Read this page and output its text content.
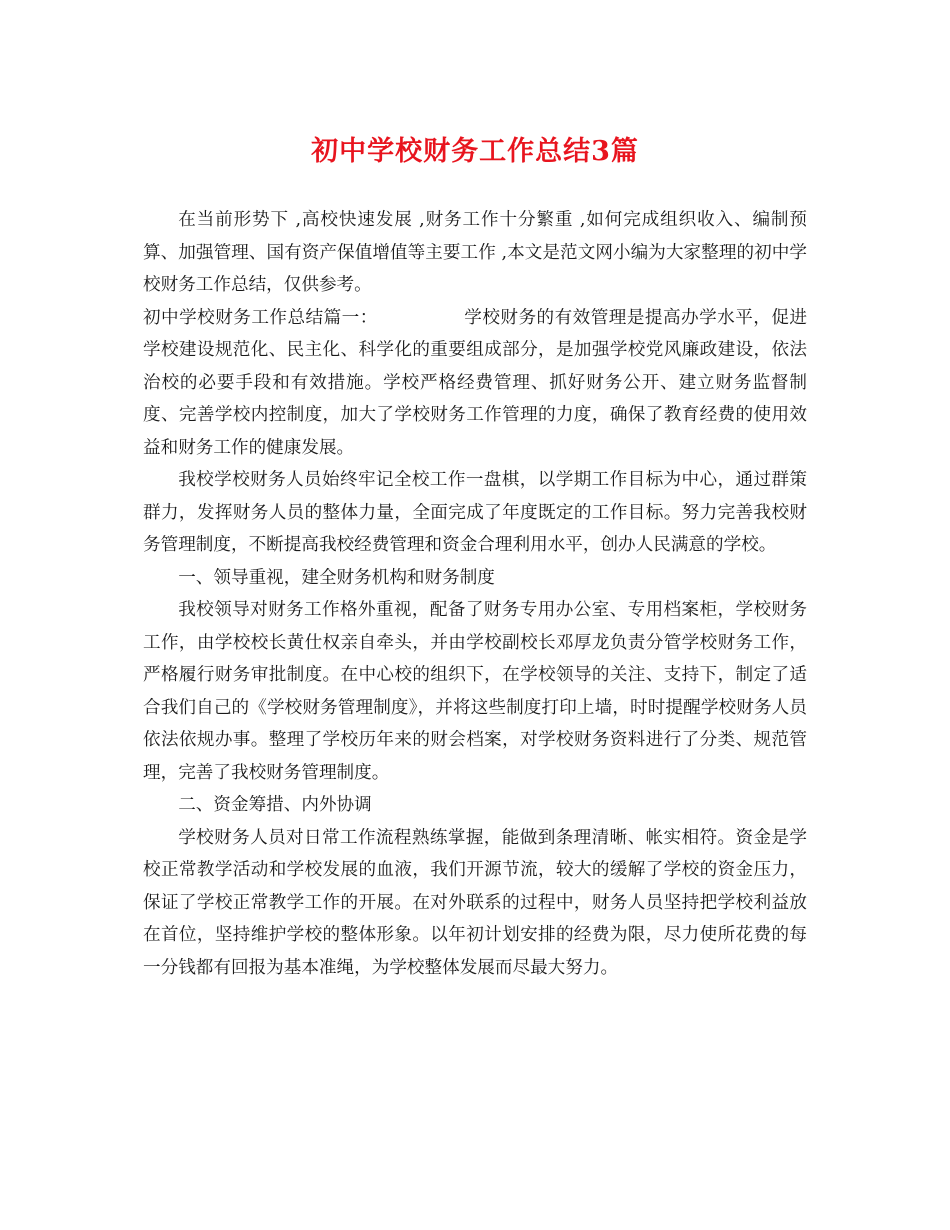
初中学校财务工作总结3篇

在当前形势下 ,高校快速发展 ,财务工作十分繁重 ,如何完成组织收入、编制预算、加强管理、国有资产保值增值等主要工作 ,本文是范文网小编为大家整理的初中学校财务工作总结，仅供参考。

初中学校财务工作总结篇一：	学校财务的有效管理是提高办学水平，促进学校建设规范化、民主化、科学化的重要组成部分，是加强学校党风廉政建设，依法治校的必要手段和有效措施。学校严格经费管理、抓好财务公开、建立财务监督制度、完善学校内控制度，加大了学校财务工作管理的力度，确保了教育经费的使用效益和财务工作的健康发展。

我校学校财务人员始终牢记全校工作一盘棋，以学期工作目标为中心，通过群策群力，发挥财务人员的整体力量，全面完成了年度既定的工作目标。努力完善我校财务管理制度，不断提高我校经费管理和资金合理利用水平，创办人民满意的学校。

一、领导重视，建全财务机构和财务制度

我校领导对财务工作格外重视，配备了财务专用办公室、专用档案柜，学校财务工作，由学校校长黄仕权亲自牵头，并由学校副校长邓厚龙负责分管学校财务工作，严格履行财务审批制度。在中心校的组织下，在学校领导的关注、支持下，制定了适合我们自己的《学校财务管理制度》，并将这些制度打印上墙，时时提醒学校财务人员依法依规办事。整理了学校历年来的财会档案，对学校财务资料进行了分类、规范管理，完善了我校财务管理制度。

二、资金筹措、内外协调

学校财务人员对日常工作流程熟练掌握，能做到条理清晰、帐实相符。资金是学校正常教学活动和学校发展的血液，我们开源节流，较大的缓解了学校的资金压力，保证了学校正常教学工作的开展。在对外联系的过程中，财务人员坚持把学校利益放在首位，坚持维护学校的整体形象。以年初计划安排的经费为限，尽力使所花费的每一分钱都有回报为基本准绳，为学校整体发展而尽最大努力。
